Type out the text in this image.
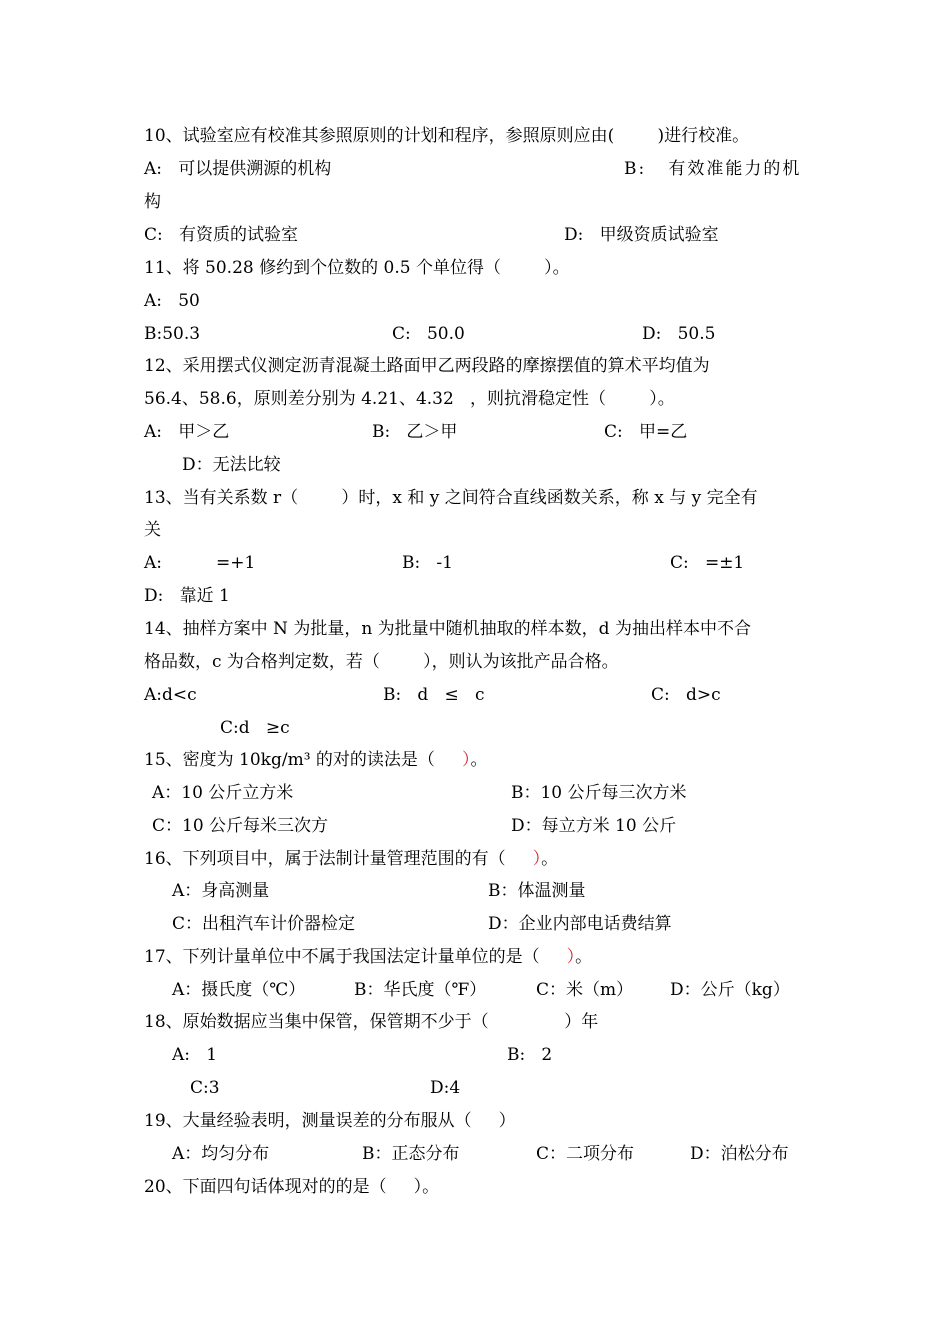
10、试验室应有校准其参照原则的计划和程序，参照原则应由(        )进行校准。
A:   可以提供溯源的机构	B:   有效准能力的机
构
C:   有资质的试验室	D:   甲级资质试验室
11、将 50.28 修约到个位数的 0.5 个单位得（        ）。
A:   50
B:50.3	C:   50.0	D:   50.5
12、采用摆式仪测定沥青混凝土路面甲乙两段路的摩擦摆值的算术平均值为
56.4、58.6，原则差分别为 4.21、4.32   ，则抗滑稳定性（        ）。
A:   甲＞乙	B:   乙＞甲	C:   甲=乙
D：无法比较
13、当有关系数 r（        ）时，x 和 y 之间符合直线函数关系，称 x 与 y 完全有
关
A:          =+1	B:   -1	C:   =±1
D:   靠近 1
14、抽样方案中 N 为批量，n 为批量中随机抽取的样本数，d 为抽出样本中不合
格品数，c 为合格判定数，若（        ），则认为该批产品合格。
A:d<c	B:   d   ≤   c	C:   d>c
C:d   ≥c
15、密度为 10kg/m³ 的对的读法是（     ）。
A：10 公斤立方米	B：10 公斤每三次方米
C：10 公斤每米三次方	D：每立方米 10 公斤
16、下列项目中，属于法制计量管理范围的有（     ）。
A：身高测量	B：体温测量
C：出租汽车计价器检定	D：企业内部电话费结算
17、下列计量单位中不属于我国法定计量单位的是（     ）。
A：摄氏度（℃）	B：华氏度（℉）	C：米（m） D：公斤（kg）
18、原始数据应当集中保管，保管期不少于（              ）年
A:   1	B:   2
C:3	D:4
19、大量经验表明，测量误差的分布服从（     ）
A：均匀分布	B：正态分布	C：二项分布	D：泊松分布
20、下面四句话体现对的的是（     ）。
